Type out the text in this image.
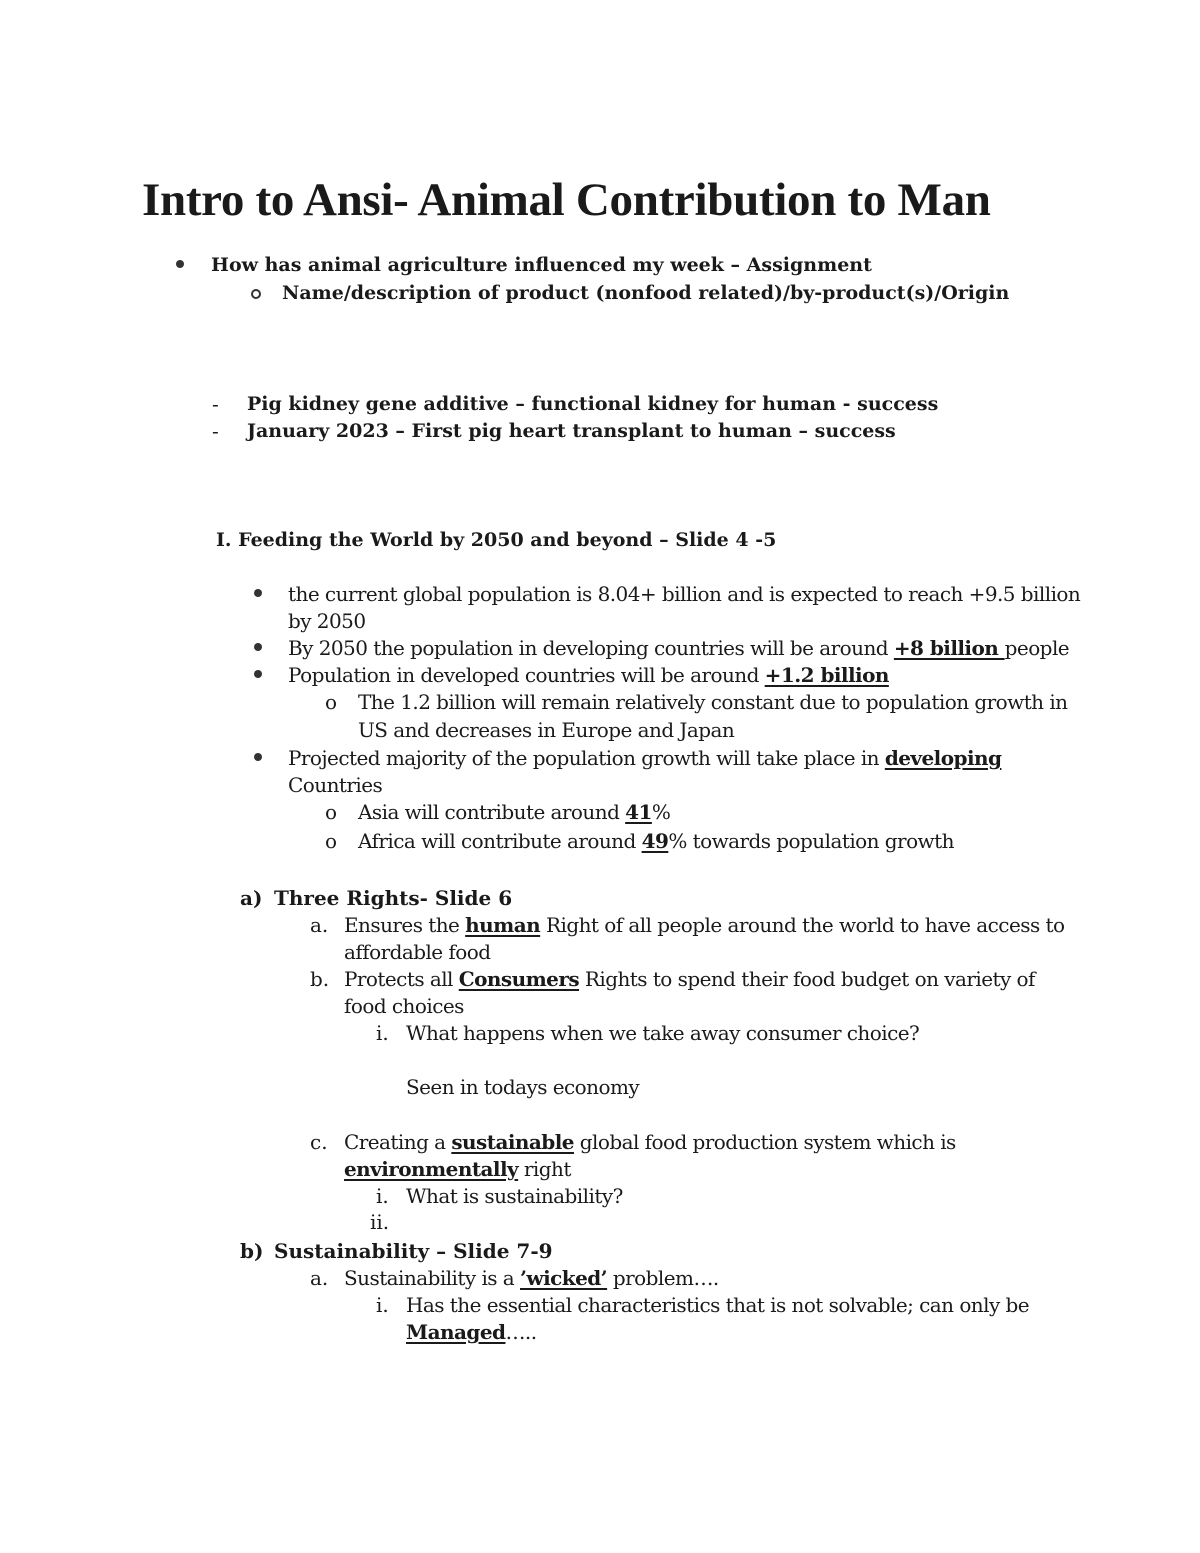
Intro to Ansi- Animal Contribution to Man
How has animal agriculture influenced my week – Assignment
Name/description of product (nonfood related)/by-product(s)/Origin
- Pig kidney gene additive – functional kidney for human - success
- January 2023 – First pig heart transplant to human – success
I. Feeding the World by 2050 and beyond – Slide 4 -5
the current global population is 8.04+ billion and is expected to reach +9.5 billion
by 2050
By 2050 the population in developing countries will be around +8 billion people
Population in developed countries will be around +1.2 billion
o The 1.2 billion will remain relatively constant due to population growth in
US and decreases in Europe and Japan
Projected majority of the population growth will take place in developing
Countries
o Asia will contribute around 41%
o Africa will contribute around 49% towards population growth
a) Three Rights- Slide 6
a. Ensures the human Right of all people around the world to have access to
affordable food
b. Protects all Consumers Rights to spend their food budget on variety of
food choices
i. What happens when we take away consumer choice?
Seen in todays economy
c. Creating a sustainable global food production system which is
environmentally right
i. What is sustainability?
ii.
b) Sustainability – Slide 7-9
a. Sustainability is a ’wicked’ problem….
i. Has the essential characteristics that is not solvable; can only be
Managed…..
